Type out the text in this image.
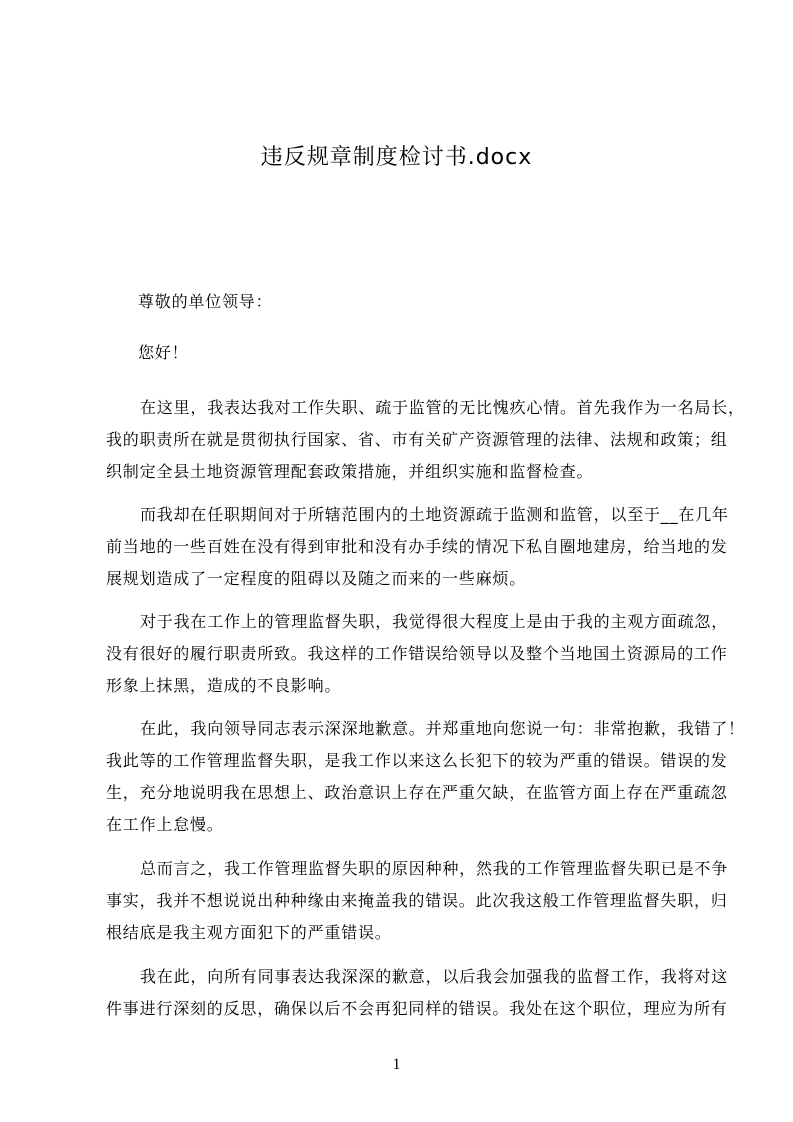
违反规章制度检讨书.docx
尊敬的单位领导：
您好！
在这里，我表达我对工作失职、疏于监管的无比愧疚心情。首先我作为一名局长，
我的职责所在就是贯彻执行国家、省、市有关矿产资源管理的法律、法规和政策；组
织制定全县土地资源管理配套政策措施，并组织实施和监督检查。
而我却在任职期间对于所辖范围内的土地资源疏于监测和监管，以至于__在几年
前当地的一些百姓在没有得到审批和没有办手续的情况下私自圈地建房，给当地的发
展规划造成了一定程度的阻碍以及随之而来的一些麻烦。
对于我在工作上的管理监督失职，我觉得很大程度上是由于我的主观方面疏忽，
没有很好的履行职责所致。我这样的工作错误给领导以及整个当地国土资源局的工作
形象上抹黑，造成的不良影响。
在此，我向领导同志表示深深地歉意。并郑重地向您说一句：非常抱歉，我错了！
我此等的工作管理监督失职，是我工作以来这么长犯下的较为严重的错误。错误的发
生，充分地说明我在思想上、政治意识上存在严重欠缺，在监管方面上存在严重疏忽
在工作上怠慢。
总而言之，我工作管理监督失职的原因种种，然我的工作管理监督失职已是不争
事实，我并不想说说出种种缘由来掩盖我的错误。此次我这般工作管理监督失职，归
根结底是我主观方面犯下的严重错误。
我在此，向所有同事表达我深深的歉意，以后我会加强我的监督工作，我将对这
件事进行深刻的反思，确保以后不会再犯同样的错误。我处在这个职位，理应为所有
1
